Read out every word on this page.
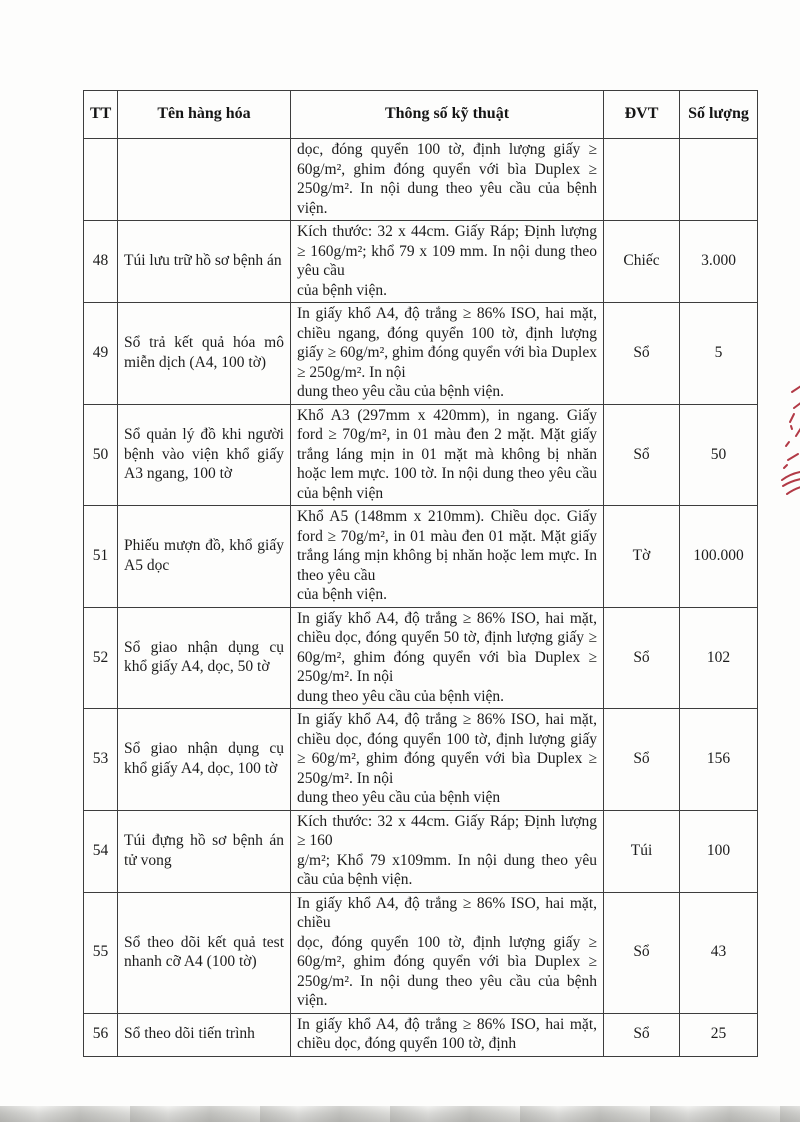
TT	Tên hàng hóa	Thông số kỹ thuật	ĐVT	Số lượng

		dọc, đóng quyển 100 tờ, định lượng giấy ≥ 60g/m², ghim đóng quyển với bìa Duplex ≥ 250g/m². In nội dung theo yêu cầu của bệnh viện.		

48	Túi lưu trữ hồ sơ bệnh án	Kích thước: 32 x 44cm. Giấy Ráp; Định lượng ≥ 160g/m²; khổ 79 x 109 mm. In nội dung theo yêu cầu
của bệnh viện.	Chiếc	3.000
49	Sổ trả kết quả hóa mô miễn dịch (A4, 100 tờ)	In giấy khổ A4, độ trắng ≥ 86% ISO, hai mặt, chiều ngang, đóng quyển 100 tờ, định lượng giấy ≥ 60g/m², ghim đóng quyển với bìa Duplex ≥ 250g/m². In nội
dung theo yêu cầu của bệnh viện.	Sổ	5
50	Sổ quản lý đồ khi người bệnh vào viện khổ giấy A3 ngang, 100 tờ	Khổ A3 (297mm x 420mm), in ngang. Giấy ford ≥ 70g/m², in 01 màu đen 2 mặt. Mặt giấy trắng láng mịn in 01 mặt mà không bị nhăn hoặc lem mực. 100 tờ. In nội dung theo yêu cầu của bệnh viện	Sổ	50
51	Phiếu mượn đồ, khổ giấy A5 dọc	Khổ A5 (148mm x 210mm). Chiều dọc. Giấy ford ≥ 70g/m², in 01 màu đen 01 mặt. Mặt giấy trắng láng mịn không bị nhăn hoặc lem mực. In theo yêu cầu
của bệnh viện.	Tờ	100.000
52	Sổ giao nhận dụng cụ khổ giấy A4, dọc, 50 tờ	In giấy khổ A4, độ trắng ≥ 86% ISO, hai mặt, chiều dọc, đóng quyển 50 tờ, định lượng giấy ≥ 60g/m², ghim đóng quyển với bìa Duplex ≥ 250g/m². In nội
dung theo yêu cầu của bệnh viện.	Sổ	102
53	Sổ giao nhận dụng cụ khổ giấy A4, dọc, 100 tờ	In giấy khổ A4, độ trắng ≥ 86% ISO, hai mặt, chiều dọc, đóng quyển 100 tờ, định lượng giấy ≥ 60g/m², ghim đóng quyển với bìa Duplex ≥ 250g/m². In nội
dung theo yêu cầu của bệnh viện	Sổ	156
54	Túi đựng hồ sơ bệnh án tử vong	Kích thước: 32 x 44cm. Giấy Ráp; Định lượng ≥ 160
g/m²; Khổ 79 x109mm. In nội dung theo yêu cầu của bệnh viện.	Túi	100
55	Sổ theo dõi kết quả test nhanh cỡ A4 (100 tờ)	In giấy khổ A4, độ trắng ≥ 86% ISO, hai mặt, chiều
dọc, đóng quyển 100 tờ, định lượng giấy ≥ 60g/m², ghim đóng quyển với bìa Duplex ≥ 250g/m². In nội dung theo yêu cầu của bệnh viện.	Sổ	43
56	Sổ theo dõi tiến trình	In giấy khổ A4, độ trắng ≥ 86% ISO, hai mặt, chiều dọc, đóng quyển 100 tờ, định	Sổ	25
